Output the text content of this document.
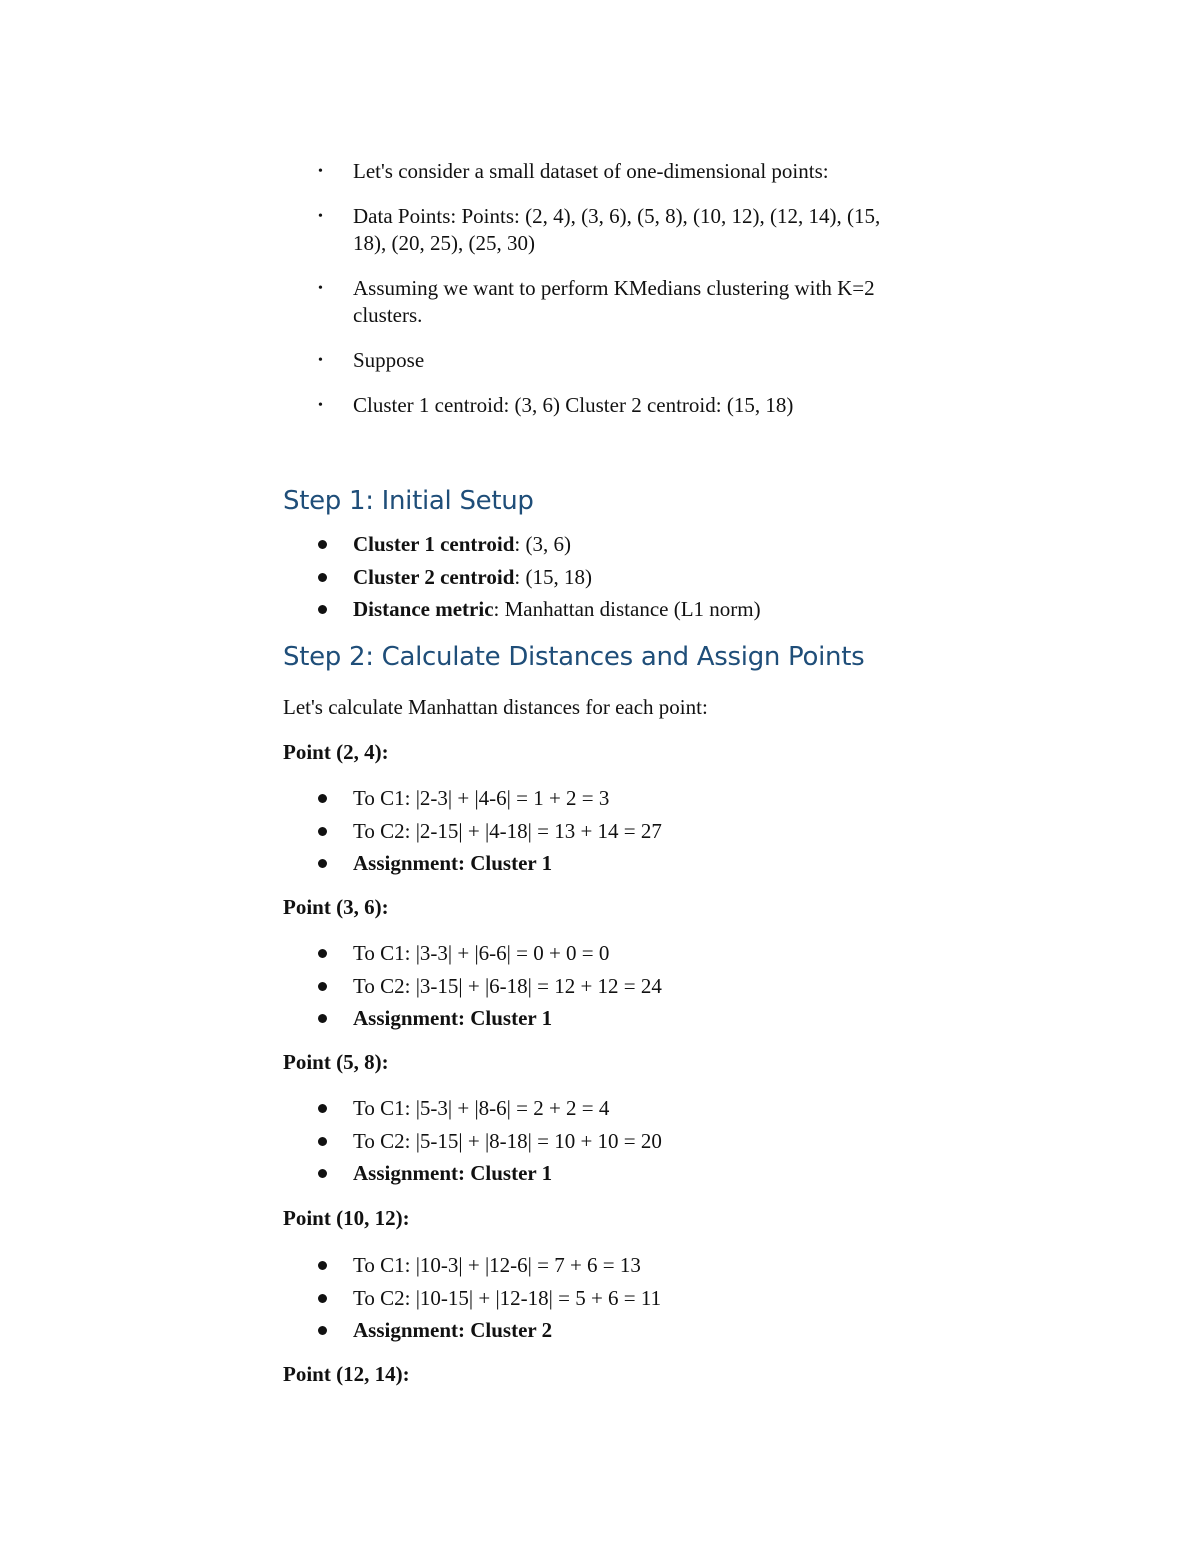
• Let's consider a small dataset of one-dimensional points:
• Data Points: Points: (2, 4), (3, 6), (5, 8), (10, 12), (12, 14), (15, 18), (20, 25), (25, 30)
• Assuming we want to perform KMedians clustering with K=2 clusters.
• Suppose
• Cluster 1 centroid: (3, 6) Cluster 2 centroid: (15, 18)
Step 1: Initial Setup
Cluster 1 centroid: (3, 6)
Cluster 2 centroid: (15, 18)
Distance metric: Manhattan distance (L1 norm)
Step 2: Calculate Distances and Assign Points

Let's calculate Manhattan distances for each point:

Point (2, 4):

To C1: |2-3| + |4-6| = 1 + 2 = 3
To C2: |2-15| + |4-18| = 13 + 14 = 27
Assignment: Cluster 1

Point (3, 6):

To C1: |3-3| + |6-6| = 0 + 0 = 0
To C2: |3-15| + |6-18| = 12 + 12 = 24
Assignment: Cluster 1

Point (5, 8):

To C1: |5-3| + |8-6| = 2 + 2 = 4
To C2: |5-15| + |8-18| = 10 + 10 = 20
Assignment: Cluster 1

Point (10, 12):

To C1: |10-3| + |12-6| = 7 + 6 = 13
To C2: |10-15| + |12-18| = 5 + 6 = 11
Assignment: Cluster 2

Point (12, 14):
